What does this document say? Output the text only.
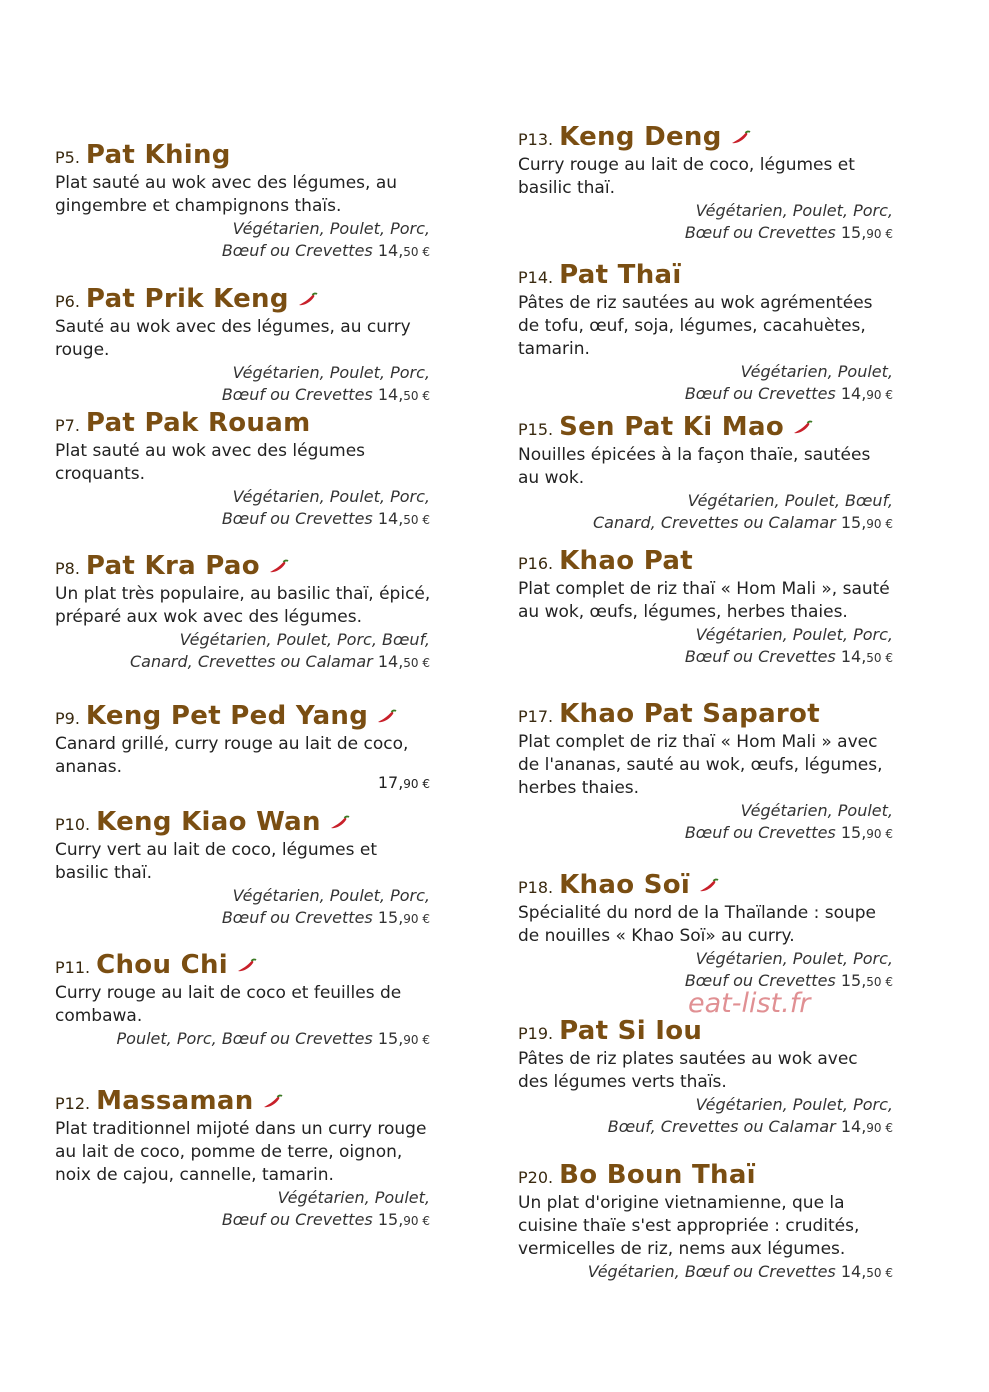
P5. Pat Khing
Plat sauté au wok avec des légumes, au
gingembre et champignons thaïs.
Végétarien, Poulet, Porc,
Bœuf ou Crevettes 14,50 €
P6. Pat Prik Keng
Sauté au wok avec des légumes, au curry
rouge.
Végétarien, Poulet, Porc,
Bœuf ou Crevettes 14,50 €
P7. Pat Pak Rouam
Plat sauté au wok avec des légumes
croquants.
Végétarien, Poulet, Porc,
Bœuf ou Crevettes 14,50 €
P8. Pat Kra Pao
Un plat très populaire, au basilic thaï, épicé,
préparé aux wok avec des légumes.
Végétarien, Poulet, Porc, Bœuf,
Canard, Crevettes ou Calamar 14,50 €
P9. Keng Pet Ped Yang
Canard grillé, curry rouge au lait de coco,
ananas.
17,90 €
P10. Keng Kiao Wan
Curry vert au lait de coco, légumes et
basilic thaï.
Végétarien, Poulet, Porc,
Bœuf ou Crevettes 15,90 €
P11. Chou Chi
Curry rouge au lait de coco et feuilles de
combawa.
Poulet, Porc, Bœuf ou Crevettes 15,90 €
P12. Massaman
Plat traditionnel mijoté dans un curry rouge
au lait de coco, pomme de terre, oignon,
noix de cajou, cannelle, tamarin.
Végétarien, Poulet,
Bœuf ou Crevettes 15,90 €
P13. Keng Deng
Curry rouge au lait de coco, légumes et
basilic thaï.
Végétarien, Poulet, Porc,
Bœuf ou Crevettes 15,90 €
P14. Pat Thaï
Pâtes de riz sautées au wok agrémentées
de tofu, œuf, soja, légumes, cacahuètes,
tamarin.
Végétarien, Poulet,
Bœuf ou Crevettes 14,90 €
P15. Sen Pat Ki Mao
Nouilles épicées à la façon thaïe, sautées
au wok.
Végétarien, Poulet, Bœuf,
Canard, Crevettes ou Calamar 15,90 €
P16. Khao Pat
Plat complet de riz thaï « Hom Mali », sauté
au wok, œufs, légumes, herbes thaies.
Végétarien, Poulet, Porc,
Bœuf ou Crevettes 14,50 €
P17. Khao Pat Saparot
Plat complet de riz thaï « Hom Mali » avec
de l'ananas, sauté au wok, œufs, légumes,
herbes thaies.
Végétarien, Poulet,
Bœuf ou Crevettes 15,90 €
P18. Khao Soï
Spécialité du nord de la Thaïlande : soupe
de nouilles « Khao Soï» au curry.
Végétarien, Poulet, Porc,
Bœuf ou Crevettes 15,50 €
P19. Pat Si Iou
Pâtes de riz plates sautées au wok avec
des légumes verts thaïs.
Végétarien, Poulet, Porc,
Bœuf, Crevettes ou Calamar 14,90 €
P20. Bo Boun Thaï
Un plat d'origine vietnamienne, que la
cuisine thaïe s'est appropriée : crudités,
vermicelles de riz, nems aux légumes.
Végétarien, Bœuf ou Crevettes 14,50 €
eat-list.fr
